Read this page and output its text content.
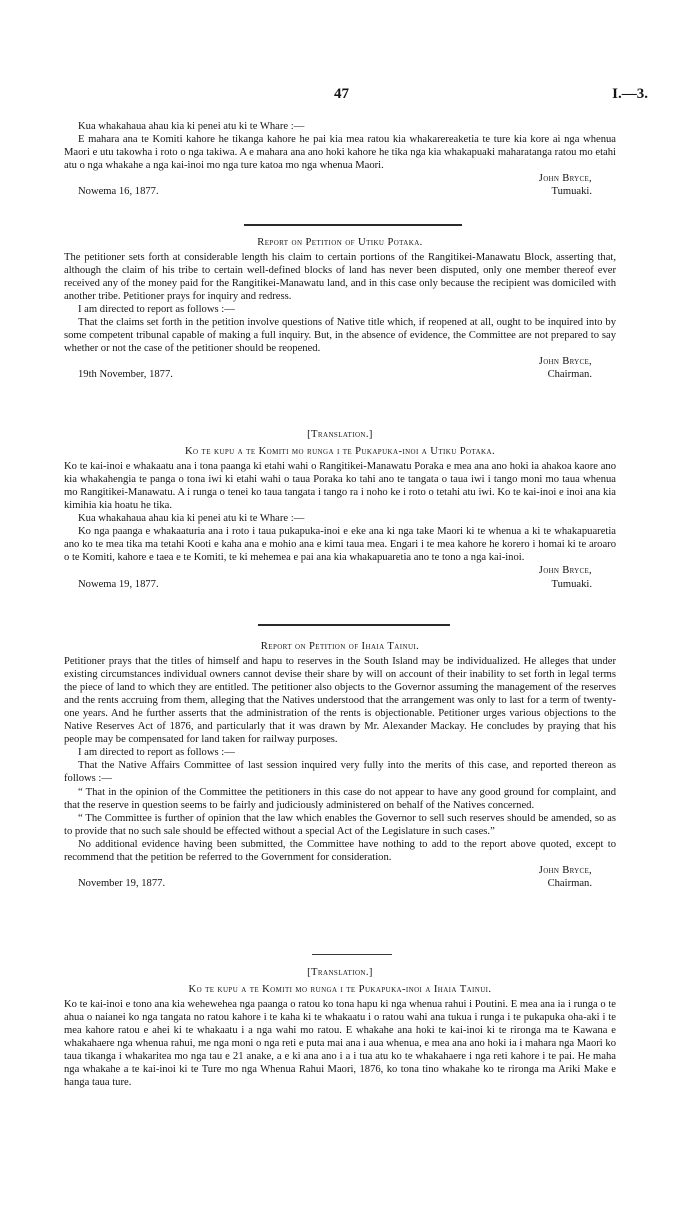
47	I.—3.

Kua whakahaua ahau kia ki penei atu ki te Whare :—

E mahara ana te Komiti kahore he tikanga kahore he pai kia mea ratou kia whakarereaketia te ture kia kore ai nga whenua Maori e utu takowha i roto o nga takiwa. A e mahara ana ano hoki kahore he tika nga kia whakapuaki maharatanga ratou mo etahi atu o nga whakahe a nga kai-inoi mo nga ture katoa mo nga whenua Maori.

John Bryce,

Nowema 16, 1877.	Tumuaki.

Report on Petition of Utiku Potaka.

The petitioner sets forth at considerable length his claim to certain portions of the Rangitikei-Manawatu Block, asserting that, although the claim of his tribe to certain well-defined blocks of land has never been disputed, only one member thereof ever received any of the money paid for the Rangitikei-Manawatu land, and in this case only because the recipient was domiciled with another tribe. Petitioner prays for inquiry and redress.

I am directed to report as follows :—

That the claims set forth in the petition involve questions of Native title which, if reopened at all, ought to be inquired into by some competent tribunal capable of making a full inquiry. But, in the absence of evidence, the Committee are not prepared to say whether or not the case of the petitioner should be reopened.

John Bryce,

19th November, 1877.	Chairman.

[Translation.]

Ko te kupu a te Komiti mo runga i te Pukapuka-inoi a Utiku Potaka.

Ko te kai-inoi e whakaatu ana i tona paanga ki etahi wahi o Rangitikei-Manawatu Poraka e mea ana ano hoki ia ahakoa kaore ano kia whakahengia te panga o tona iwi ki etahi wahi o taua Poraka ko tahi ano te tangata o taua iwi i tango moni mo taua whenua mo Rangitikei-Manawatu. A i runga o tenei ko taua tangata i tango ra i noho ke i roto o tetahi atu iwi. Ko te kai-inoi e inoi ana kia kimihia kia hoatu he tika.

Kua whakahaua ahau kia ki penei atu ki te Whare :—

Ko nga paanga e whakaaturia ana i roto i taua pukapuka-inoi e eke ana ki nga take Maori ki te whenua a ki te whakapuaretia ano ko te mea tika ma tetahi Kooti e kaha ana e mohio ana e kimi taua mea. Engari i te mea kahore he korero i homai ki te aroaro o te Komiti, kahore e taea e te Komiti, te ki mehemea e pai ana kia whakapuaretia ano te tono a nga kai-inoi.

John Bryce,

Nowema 19, 1877.	Tumuaki.

Report on Petition of Ihaia Tainui.

Petitioner prays that the titles of himself and hapu to reserves in the South Island may be individualized. He alleges that under existing circumstances individual owners cannot devise their share by will on account of their inability to set forth in legal terms the piece of land to which they are entitled. The petitioner also objects to the Governor assuming the management of the reserves and the rents accruing from them, alleging that the Natives understood that the arrangement was only to last for a term of twenty-one years. And he further asserts that the administration of the rents is objectionable. Petitioner urges various objections to the Native Reserves Act of 1876, and particularly that it was drawn by Mr. Alexander Mackay. He concludes by praying that his people may be compensated for land taken for railway purposes.

I am directed to report as follows :—

That the Native Affairs Committee of last session inquired very fully into the merits of this case, and reported thereon as follows :—

“ That in the opinion of the Committee the petitioners in this case do not appear to have any good ground for complaint, and that the reserve in question seems to be fairly and judiciously administered on behalf of the Natives concerned.

“ The Committee is further of opinion that the law which enables the Governor to sell such reserves should be amended, so as to provide that no such sale should be effected without a special Act of the Legislature in such cases.”

No additional evidence having been submitted, the Committee have nothing to add to the report above quoted, except to recommend that the petition be referred to the Government for consideration.

John Bryce,

November 19, 1877.	Chairman.

[Translation.]

Ko te kupu a te Komiti mo runga i te Pukapuka-inoi a Ihaia Tainui.

Ko te kai-inoi e tono ana kia wehewehea nga paanga o ratou ko tona hapu ki nga whenua rahui i Poutini. E mea ana ia i runga o te ahua o naianei ko nga tangata no ratou kahore i te kaha ki te whakaatu i o ratou wahi ana tukua i runga i te pukapuka oha-aki i te mea kahore ratou e ahei ki te whakaatu i a nga wahi mo ratou. E whakahe ana hoki te kai-inoi ki te rironga ma te Kawana e whakahaere nga whenua rahui, me nga moni o nga reti e puta mai ana i aua whenua, e mea ana ano hoki ia i mahara nga Maori ko taua tikanga i whakaritea mo nga tau e 21 anake, a e ki ana ano i a i tua atu ko te whakahaere i nga reti kahore i te pai. He maha nga whakahe a te kai-inoi ki te Ture mo nga Whenua Rahui Maori, 1876, ko tona tino whakahe ko te rironga ma Ariki Make e hanga taua ture.
